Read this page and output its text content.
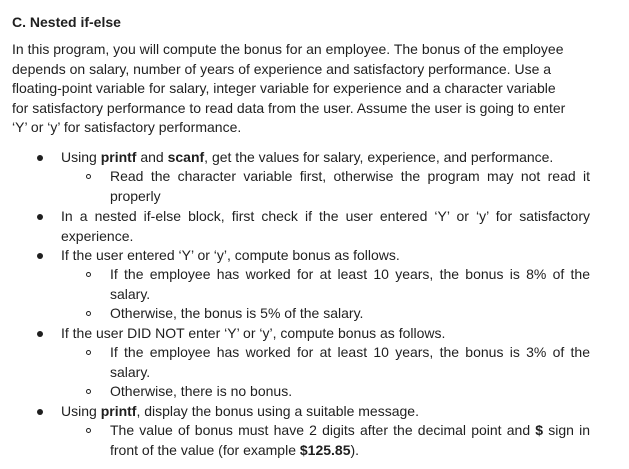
C. Nested if-else
In this program, you will compute the bonus for an employee. The bonus of the employee
depends on salary, number of years of experience and satisfactory performance. Use a
floating-point variable for salary, integer variable for experience and a character variable
for satisfactory performance to read data from the user. Assume the user is going to enter
‘Y’ or ‘y’ for satisfactory performance.
Using printf and scanf, get the values for salary, experience, and performance.
Read the character variable first, otherwise the program may not read it
properly
In a nested if-else block, first check if the user entered ‘Y’ or ‘y’ for satisfactory
experience.
If the user entered ‘Y’ or ‘y’, compute bonus as follows.
If the employee has worked for at least 10 years, the bonus is 8% of the
salary.
Otherwise, the bonus is 5% of the salary.
If the user DID NOT enter ‘Y’ or ‘y’, compute bonus as follows.
If the employee has worked for at least 10 years, the bonus is 3% of the
salary.
Otherwise, there is no bonus.
Using printf, display the bonus using a suitable message.
The value of bonus must have 2 digits after the decimal point and $ sign in
front of the value (for example $125.85).
